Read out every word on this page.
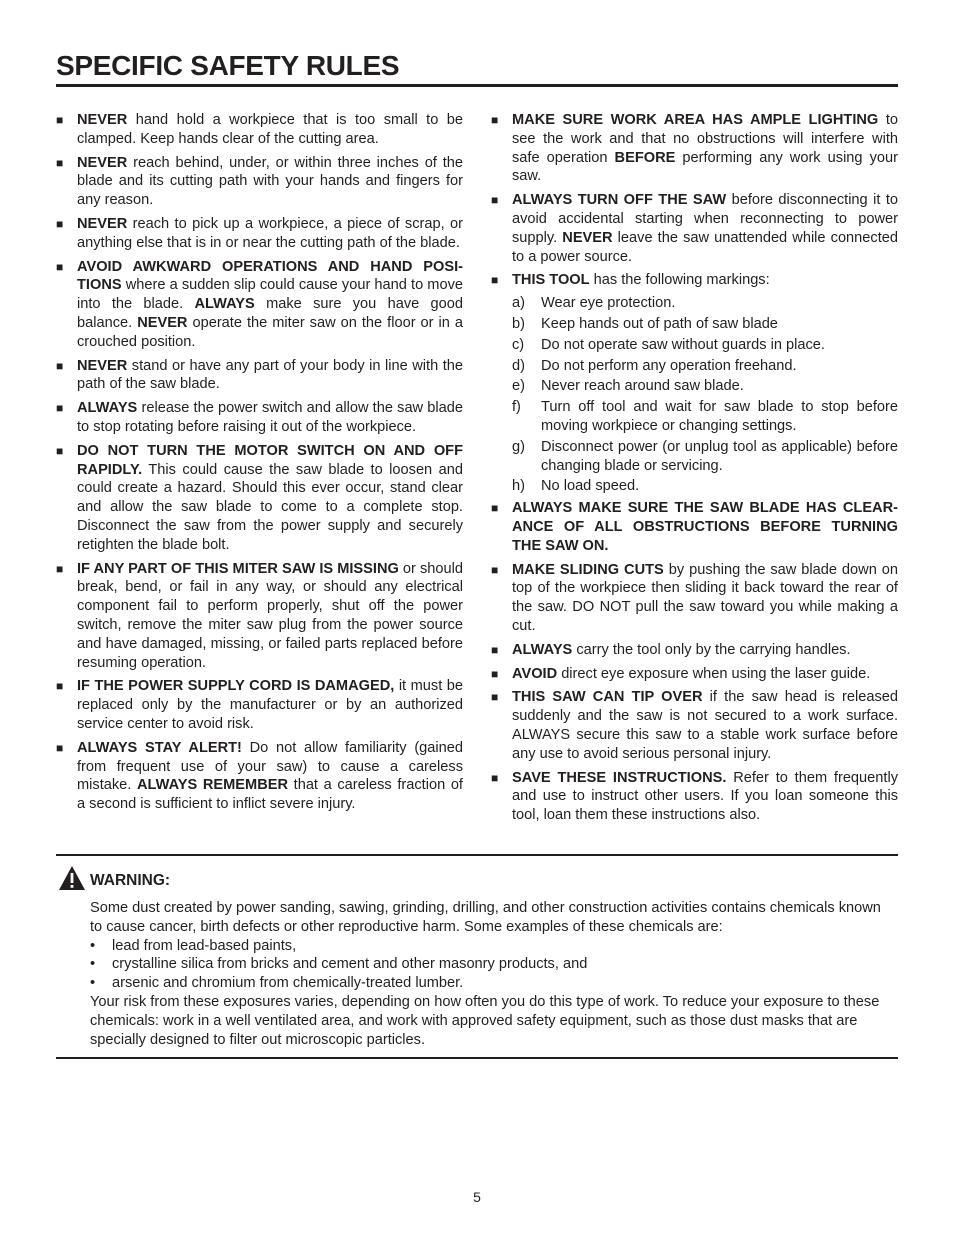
SPECIFIC SAFETY RULES
■ NEVER hand hold a workpiece that is too small to be clamped. Keep hands clear of the cutting area.
■ NEVER reach behind, under, or within three inches of the blade and its cutting path with your hands and fingers for any reason.
■ NEVER reach to pick up a workpiece, a piece of scrap, or anything else that is in or near the cutting path of the blade.
■ AVOID AWKWARD OPERATIONS AND HAND POSI-TIONS where a sudden slip could cause your hand to move into the blade. ALWAYS make sure you have good balance. NEVER operate the miter saw on the floor or in a crouched position.
■ NEVER stand or have any part of your body in line with the path of the saw blade.
■ ALWAYS release the power switch and allow the saw blade to stop rotating before raising it out of the workpiece.
■ DO NOT TURN THE MOTOR SWITCH ON AND OFF RAPIDLY. This could cause the saw blade to loosen and could create a hazard. Should this ever occur, stand clear and allow the saw blade to come to a complete stop. Disconnect the saw from the power supply and securely retighten the blade bolt.
■ IF ANY PART OF THIS MITER SAW IS MISSING or should break, bend, or fail in any way, or should any electrical component fail to perform properly, shut off the power switch, remove the miter saw plug from the power source and have damaged, missing, or failed parts replaced before resuming operation.
■ IF THE POWER SUPPLY CORD IS DAMAGED, it must be replaced only by the manufacturer or by an authorized service center to avoid risk.
■ ALWAYS STAY ALERT! Do not allow familiarity (gained from frequent use of your saw) to cause a careless mistake. ALWAYS REMEMBER that a careless fraction of a second is sufficient to inflict severe injury.
■ MAKE SURE WORK AREA HAS AMPLE LIGHTING to see the work and that no obstructions will interfere with safe operation BEFORE performing any work using your saw.
■ ALWAYS TURN OFF THE SAW before disconnecting it to avoid accidental starting when reconnecting to power supply. NEVER leave the saw unattended while connected to a power source.
■ THIS TOOL has the following markings:
a) Wear eye protection.
b) Keep hands out of path of saw blade
c) Do not operate saw without guards in place.
d) Do not perform any operation freehand.
e) Never reach around saw blade.
f) Turn off tool and wait for saw blade to stop before moving workpiece or changing settings.
g) Disconnect power (or unplug tool as applicable) before changing blade or servicing.
h) No load speed.
■ ALWAYS MAKE SURE THE SAW BLADE HAS CLEAR-ANCE OF ALL OBSTRUCTIONS BEFORE TURNING THE SAW ON.
■ MAKE SLIDING CUTS by pushing the saw blade down on top of the workpiece then sliding it back toward the rear of the saw. DO NOT pull the saw toward you while making a cut.
■ ALWAYS carry the tool only by the carrying handles.
■ AVOID direct eye exposure when using the laser guide.
■ THIS SAW CAN TIP OVER if the saw head is released suddenly and the saw is not secured to a work surface. ALWAYS secure this saw to a stable work surface before any use to avoid serious personal injury.
■ SAVE THESE INSTRUCTIONS. Refer to them frequently and use to instruct other users. If you loan someone this tool, loan them these instructions also.
WARNING:

Some dust created by power sanding, sawing, grinding, drilling, and other construction activities contains chemicals known to cause cancer, birth defects or other reproductive harm. Some examples of these chemicals are:

• lead from lead-based paints,
• crystalline silica from bricks and cement and other masonry products, and
• arsenic and chromium from chemically-treated lumber.

Your risk from these exposures varies, depending on how often you do this type of work. To reduce your exposure to these chemicals: work in a well ventilated area, and work with approved safety equipment, such as those dust masks that are specially designed to filter out microscopic particles.

5
